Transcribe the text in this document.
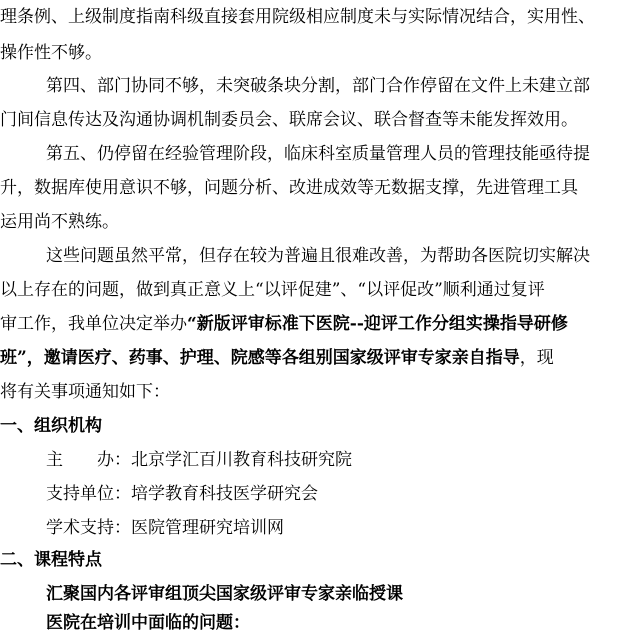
理条例、上级制度指南科级直接套用院级相应制度未与实际情况结合，实用性、
操作性不够。
第四、部门协同不够，未突破条块分割，部门合作停留在文件上未建立部
门间信息传达及沟通协调机制委员会、联席会议、联合督查等未能发挥效用。
第五、仍停留在经验管理阶段，临床科室质量管理人员的管理技能亟待提
升，数据库使用意识不够，问题分析、改进成效等无数据支撑，先进管理工具
运用尚不熟练。
这些问题虽然平常，但存在较为普遍且很难改善，为帮助各医院切实解决
以上存在的问题，做到真正意义上“以评促建”、“以评促改”顺利通过复评
审工作，我单位决定举办“新版评审标准下医院--迎评工作分组实操指导研修
班”，邀请医疗、药事、护理、院感等各组别国家级评审专家亲自指导，现
将有关事项通知如下：
一、组织机构
主　　办：北京学汇百川教育科技研究院
支持单位：培学教育科技医学研究会
学术支持：医院管理研究培训网
二、课程特点
汇聚国内各评审组顶尖国家级评审专家亲临授课
医院在培训中面临的问题：
